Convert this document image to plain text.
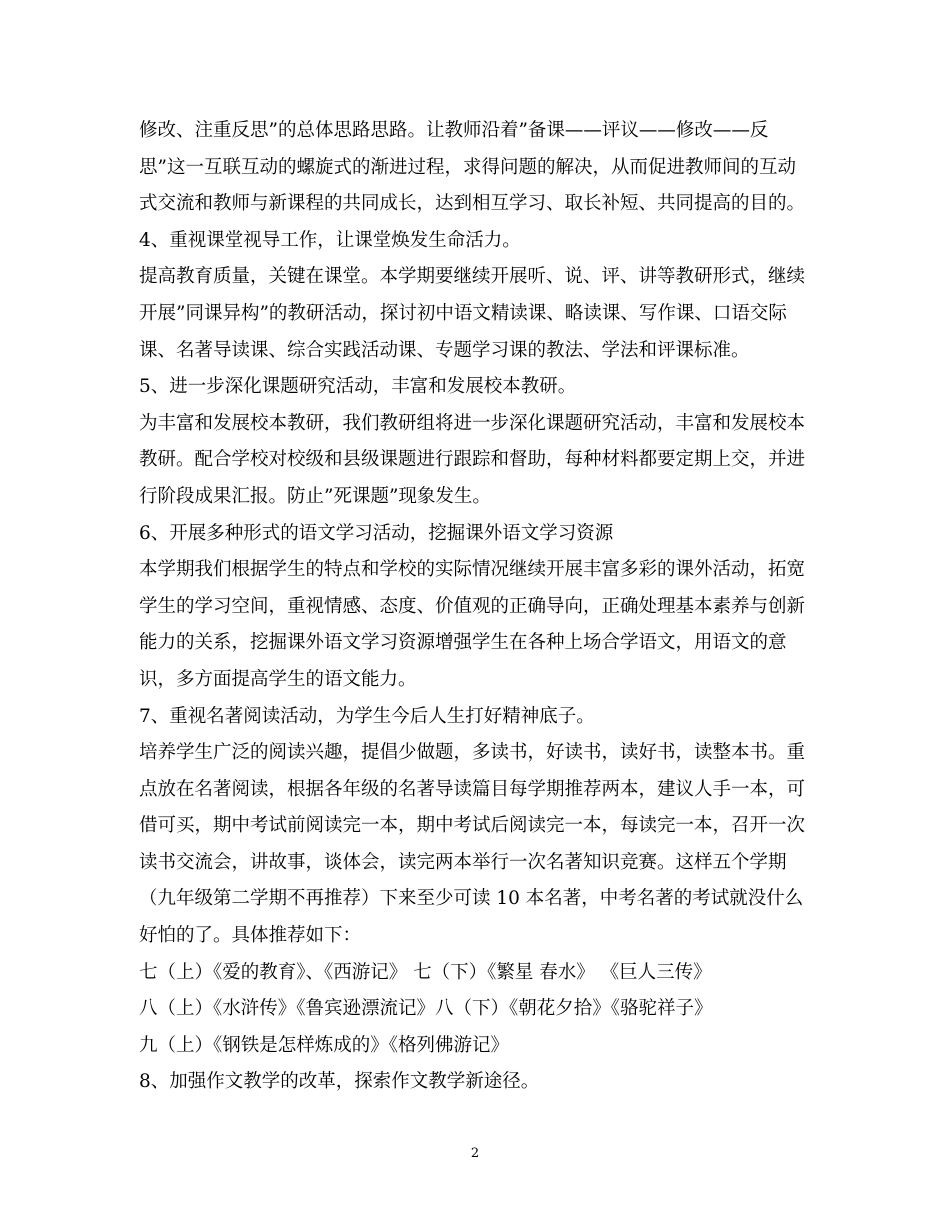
修改、注重反思”的总体思路思路。让教师沿着”备课——评议——修改——反
思”这一互联互动的螺旋式的渐进过程，求得问题的解决，从而促进教师间的互动
式交流和教师与新课程的共同成长，达到相互学习、取长补短、共同提高的目的。
4、重视课堂视导工作，让课堂焕发生命活力。
提高教育质量，关键在课堂。本学期要继续开展听、说、评、讲等教研形式，继续
开展”同课异构”的教研活动，探讨初中语文精读课、略读课、写作课、口语交际
课、名著导读课、综合实践活动课、专题学习课的教法、学法和评课标准。
5、进一步深化课题研究活动，丰富和发展校本教研。
为丰富和发展校本教研，我们教研组将进一步深化课题研究活动，丰富和发展校本
教研。配合学校对校级和县级课题进行跟踪和督助，每种材料都要定期上交，并进
行阶段成果汇报。防止”死课题”现象发生。
6、开展多种形式的语文学习活动，挖掘课外语文学习资源
本学期我们根据学生的特点和学校的实际情况继续开展丰富多彩的课外活动，拓宽
学生的学习空间，重视情感、态度、价值观的正确导向，正确处理基本素养与创新
能力的关系，挖掘课外语文学习资源增强学生在各种上场合学语文，用语文的意
识，多方面提高学生的语文能力。
7、重视名著阅读活动，为学生今后人生打好精神底子。
培养学生广泛的阅读兴趣，提倡少做题，多读书，好读书，读好书，读整本书。重
点放在名著阅读，根据各年级的名著导读篇目每学期推荐两本，建议人手一本，可
借可买，期中考试前阅读完一本，期中考试后阅读完一本，每读完一本，召开一次
读书交流会，讲故事，谈体会，读完两本举行一次名著知识竞赛。这样五个学期
（九年级第二学期不再推荐）下来至少可读 10 本名著，中考名著的考试就没什么
好怕的了。具体推荐如下：
七（上）《爱的教育》、《西游记》 七（下）《繁星 春水》 《巨人三传》
八（上）《水浒传》《鲁宾逊漂流记》八（下）《朝花夕拾》《骆驼祥子》
九（上）《钢铁是怎样炼成的》《格列佛游记》
8、加强作文教学的改革，探索作文教学新途径。
2
